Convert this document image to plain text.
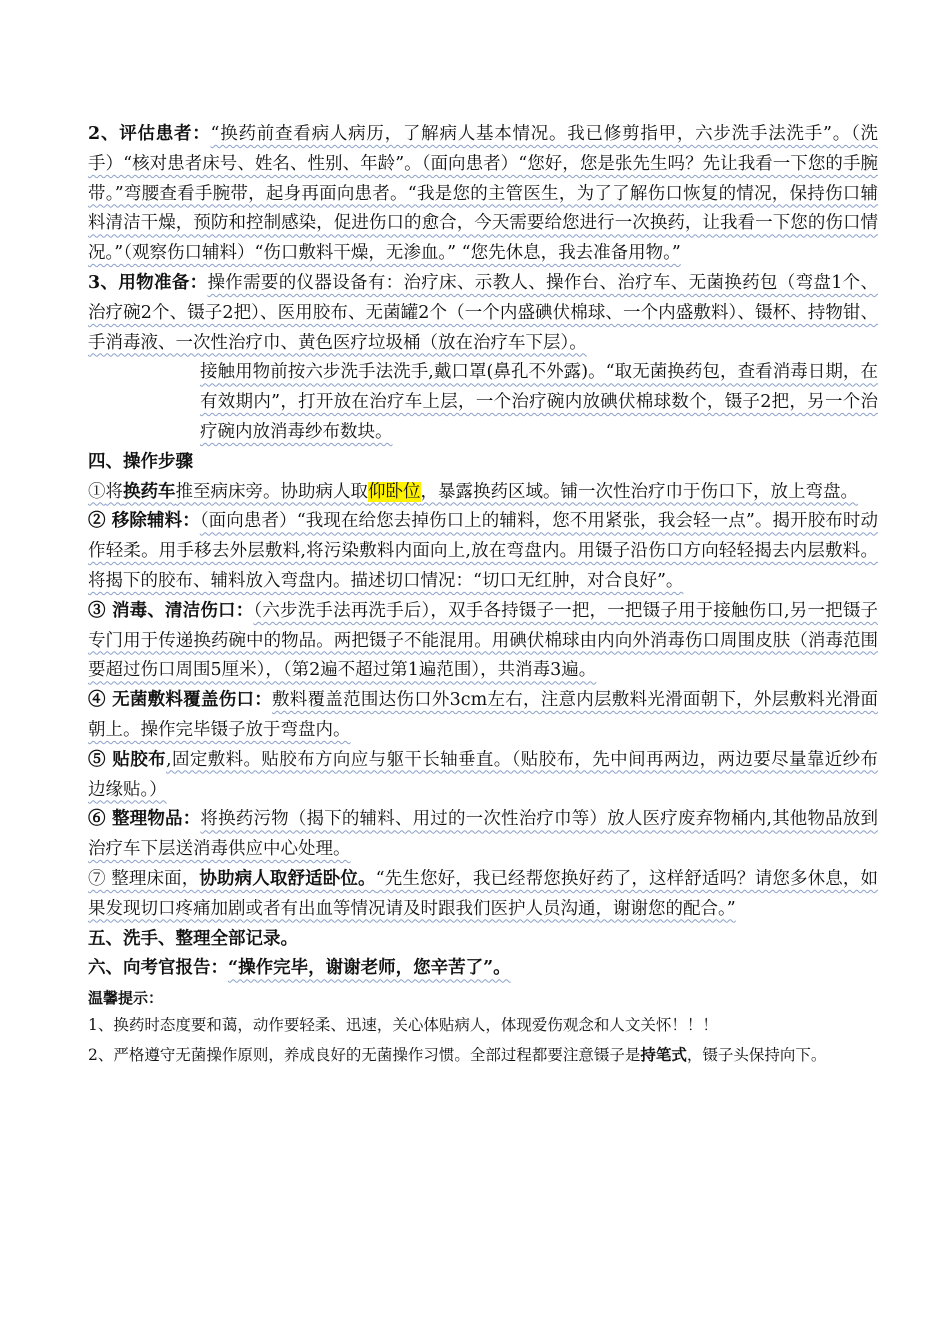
2、评估患者：“换药前查看病人病历，了解病人基本情况。我已修剪指甲，六步洗手法洗手”。（洗手）“核对患者床号、姓名、性别、年龄”。（面向患者）“您好，您是张先生吗？先让我看一下您的手腕带。”弯腰查看手腕带，起身再面向患者。“我是您的主管医生，为了了解伤口恢复的情况，保持伤口辅料清洁干燥，预防和控制感染，促进伤口的愈合，今天需要给您进行一次换药，让我看一下您的伤口情况。”（观察伤口辅料）“伤口敷料干燥，无渗血。” “您先休息，我去准备用物。”

3、用物准备：操作需要的仪器设备有：治疗床、示教人、操作台、治疗车、无菌换药包（弯盘1个、治疗碗2个、镊子2把）、医用胶布、无菌罐2个（一个内盛碘伏棉球、一个内盛敷料）、镊杯、持物钳、手消毒液、一次性治疗巾、黄色医疗垃圾桶（放在治疗车下层）。

接触用物前按六步洗手法洗手,戴口罩(鼻孔不外露)。“取无菌换药包，查看消毒日期，在有效期内”，打开放在治疗车上层，一个治疗碗内放碘伏棉球数个，镊子2把，另一个治疗碗内放消毒纱布数块。

四、操作步骤

①将换药车推至病床旁。协助病人取仰卧位，暴露换药区域。铺一次性治疗巾于伤口下，放上弯盘。

② 移除辅料：（面向患者）“我现在给您去掉伤口上的辅料，您不用紧张，我会轻一点”。揭开胶布时动作轻柔。用手移去外层敷料,将污染敷料内面向上,放在弯盘内。用镊子沿伤口方向轻轻揭去内层敷料。将揭下的胶布、辅料放入弯盘内。描述切口情况：“切口无红肿，对合良好”。

③ 消毒、清洁伤口：（六步洗手法再洗手后），双手各持镊子一把，一把镊子用于接触伤口,另一把镊子专门用于传递换药碗中的物品。两把镊子不能混用。用碘伏棉球由内向外消毒伤口周围皮肤（消毒范围要超过伤口周围5厘米），（第2遍不超过第1遍范围），共消毒3遍。

④ 无菌敷料覆盖伤口：敷料覆盖范围达伤口外3cm左右，注意内层敷料光滑面朝下，外层敷料光滑面朝上。操作完毕镊子放于弯盘内。

⑤ 贴胶布,固定敷料。贴胶布方向应与躯干长轴垂直。（贴胶布，先中间再两边，两边要尽量靠近纱布边缘贴。）

⑥ 整理物品：将换药污物（揭下的辅料、用过的一次性治疗巾等）放人医疗废弃物桶内,其他物品放到治疗车下层送消毒供应中心处理。

⑦ 整理床面，协助病人取舒适卧位。“先生您好，我已经帮您换好药了，这样舒适吗？请您多休息，如果发现切口疼痛加剧或者有出血等情况请及时跟我们医护人员沟通，谢谢您的配合。”

五、洗手、整理全部记录。

六、向考官报告：“操作完毕，谢谢老师，您辛苦了”。

温馨提示：

1、换药时态度要和蔼，动作要轻柔、迅速，关心体贴病人，体现爱伤观念和人文关怀！！！

2、严格遵守无菌操作原则，养成良好的无菌操作习惯。全部过程都要注意镊子是持笔式，镊子头保持向下。
